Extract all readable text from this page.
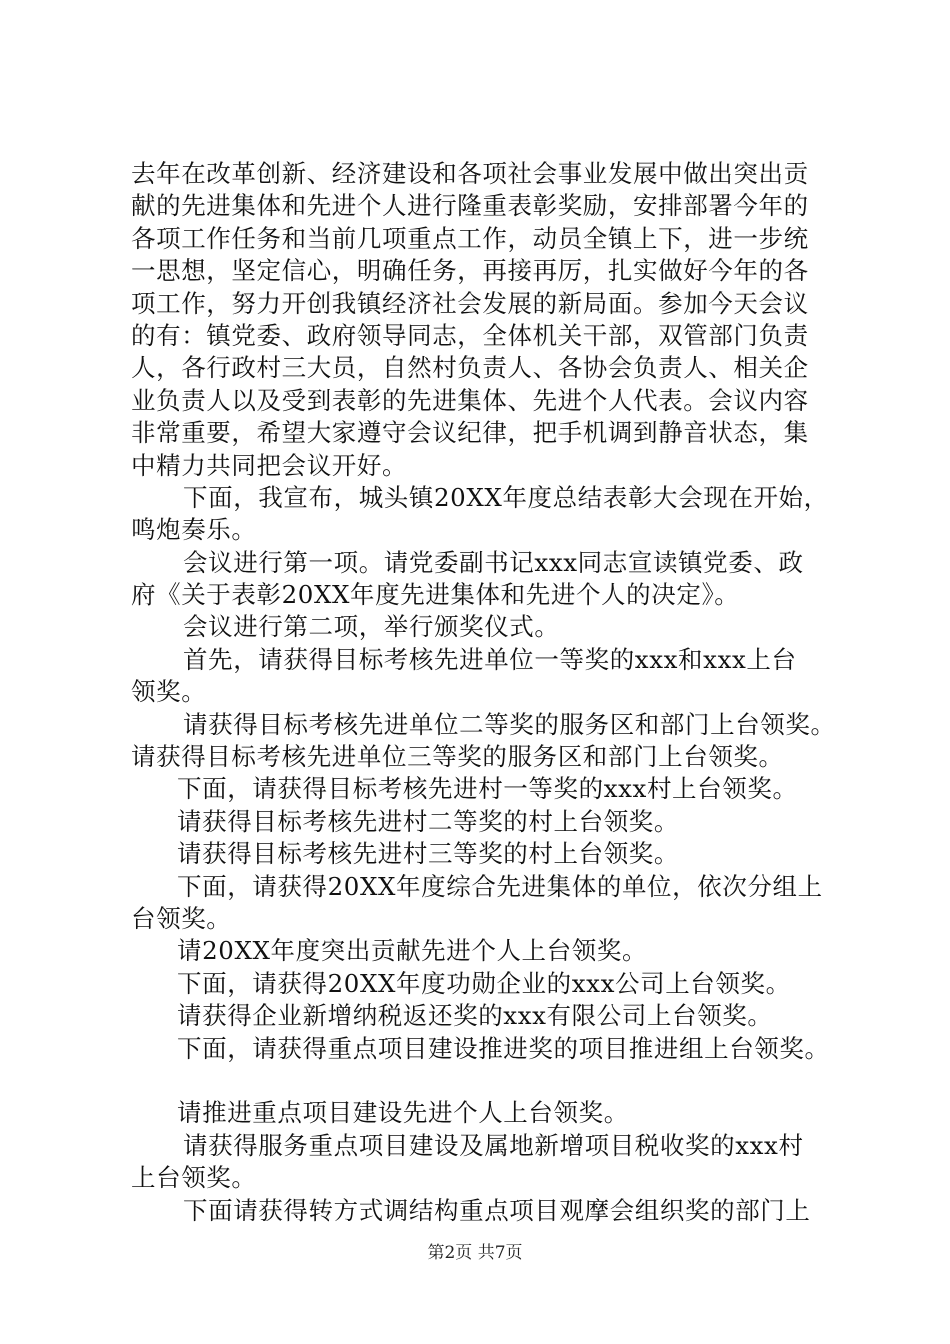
去年在改革创新、经济建设和各项社会事业发展中做出突出贡
献的先进集体和先进个人进行隆重表彰奖励，安排部署今年的
各项工作任务和当前几项重点工作，动员全镇上下，进一步统
一思想，坚定信心，明确任务，再接再厉，扎实做好今年的各
项工作，努力开创我镇经济社会发展的新局面。参加今天会议
的有：镇党委、政府领导同志，全体机关干部，双管部门负责
人，各行政村三大员，自然村负责人、各协会负责人、相关企
业负责人以及受到表彰的先进集体、先进个人代表。会议内容
非常重要，希望大家遵守会议纪律，把手机调到静音状态，集
中精力共同把会议开好。
下面，我宣布，城头镇20XX年度总结表彰大会现在开始，
鸣炮奏乐。
会议进行第一项。请党委副书记xxx同志宣读镇党委、政
府《关于表彰20XX年度先进集体和先进个人的决定》。
会议进行第二项，举行颁奖仪式。
首先，请获得目标考核先进单位一等奖的xxx和xxx上台
领奖。
请获得目标考核先进单位二等奖的服务区和部门上台领奖。
请获得目标考核先进单位三等奖的服务区和部门上台领奖。
下面，请获得目标考核先进村一等奖的xxx村上台领奖。
请获得目标考核先进村二等奖的村上台领奖。
请获得目标考核先进村三等奖的村上台领奖。
下面，请获得20XX年度综合先进集体的单位，依次分组上
台领奖。
请20XX年度突出贡献先进个人上台领奖。
下面，请获得20XX年度功勋企业的xxx公司上台领奖。
请获得企业新增纳税返还奖的xxx有限公司上台领奖。
下面，请获得重点项目建设推进奖的项目推进组上台领奖。
请推进重点项目建设先进个人上台领奖。
请获得服务重点项目建设及属地新增项目税收奖的xxx村
上台领奖。
下面请获得转方式调结构重点项目观摩会组织奖的部门上
第2页 共7页
